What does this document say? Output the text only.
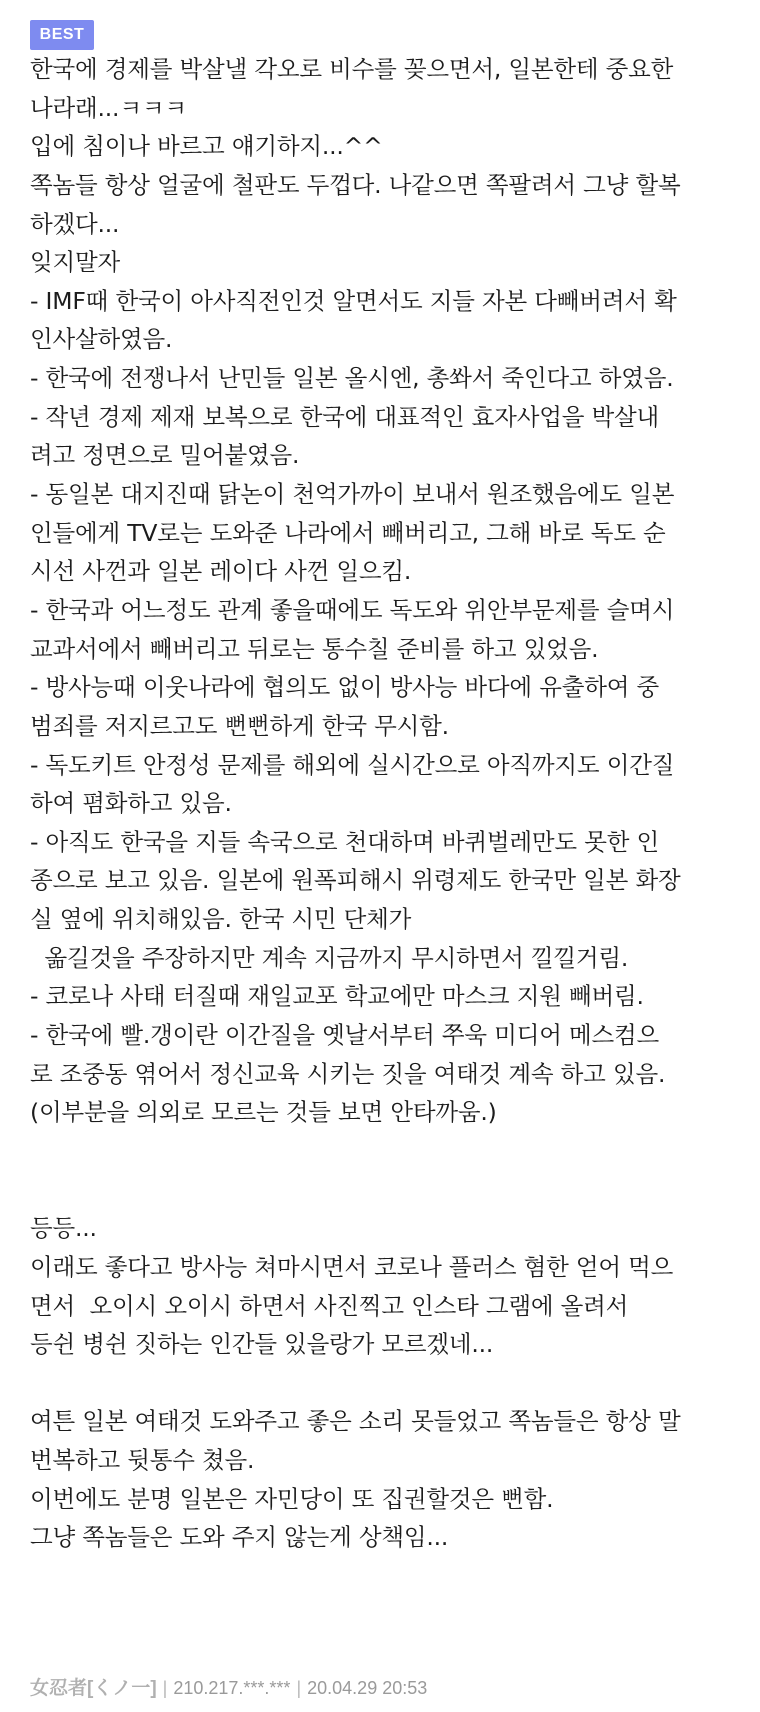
BEST
한국에 경제를 박살낼 각오로 비수를 꽂으면서, 일본한테 중요한
나라래...ㅋㅋㅋ
입에 침이나 바르고 얘기하지...^^
쪽놈들 항상 얼굴에 철판도 두껍다. 나같으면 쪽팔려서 그냥 할복
하겠다...
잊지말자
- IMF때 한국이 아사직전인것 알면서도 지들 자본 다빼버려서 확
인사살하였음.
- 한국에 전쟁나서 난민들 일본 올시엔, 총쏴서 죽인다고 하였음.
- 작년 경제 제재 보복으로 한국에 대표적인 효자사업을 박살내
려고 정면으로 밀어붙였음.
- 동일본 대지진때 닭논이 천억가까이 보내서 원조했음에도 일본
인들에게 TV로는 도와준 나라에서 빼버리고, 그해 바로 독도 순
시선 사껀과 일본 레이다 사껀 일으킴.
- 한국과 어느정도 관계 좋을때에도 독도와 위안부문제를 슬며시
교과서에서 빼버리고 뒤로는 통수칠 준비를 하고 있었음.
- 방사능때 이웃나라에 협의도 없이 방사능 바다에 유출하여 중
범죄를 저지르고도 뻔뻔하게 한국 무시함.
- 독도키트 안정성 문제를 해외에 실시간으로 아직까지도 이간질
하여 폄화하고 있음.
- 아직도 한국을 지들 속국으로 천대하며 바퀴벌레만도 못한 인
종으로 보고 있음. 일본에 원폭피해시 위령제도 한국만 일본 화장
실 옆에 위치해있음. 한국 시민 단체가
옮길것을 주장하지만 계속 지금까지 무시하면서 낄낄거림.
- 코로나 사태 터질때 재일교포 학교에만 마스크 지원 빼버림.
- 한국에 빨.갱이란 이간질을 옛날서부터 쭈욱 미디어 메스컴으
로 조중동 엮어서 정신교육 시키는 짓을 여태것 계속 하고 있음.
(이부분을 의외로 모르는 것들 보면 안타까움.)
등등...
이래도 좋다고 방사능 쳐마시면서 코로나 플러스 혐한 얻어 먹으
면서  오이시 오이시 하면서 사진찍고 인스타 그램에 올려서
등쉰 병쉰 짓하는 인간들 있을랑가 모르겠네...
여튼 일본 여태것 도와주고 좋은 소리 못들었고 쪽놈들은 항상 말
번복하고 뒷통수 쳤음.
이번에도 분명 일본은 자민당이 또 집권할것은 뻔함.
그냥 쪽놈들은 도와 주지 않는게 상책임...
女忍者[くノ一] | 210.217.***.*** | 20.04.29 20:53
